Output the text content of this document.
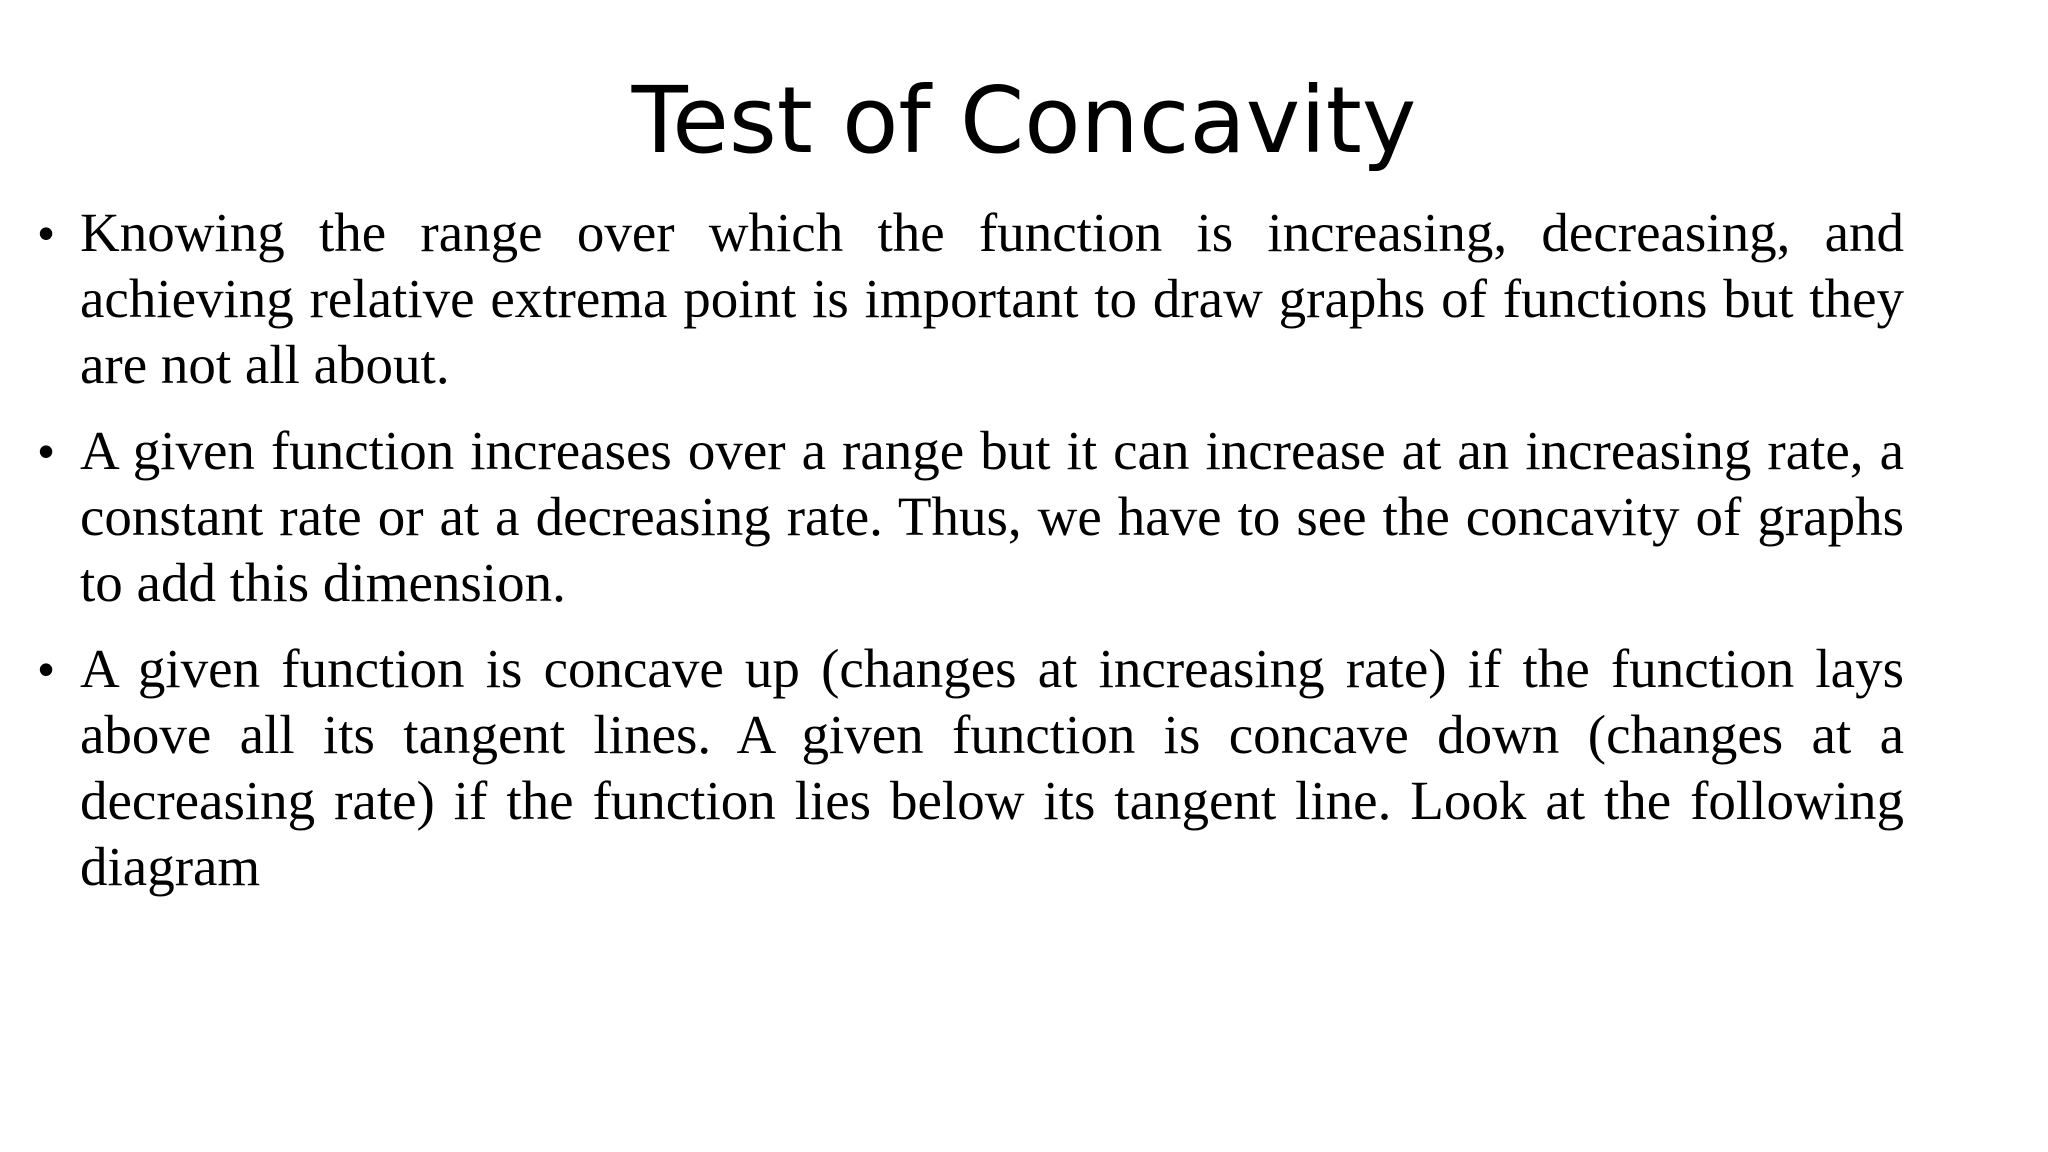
Test of Concavity
• Knowing the range over which the function is increasing, decreasing, and achieving relative extrema point is important to draw graphs of functions but they are not all about.
• A given function increases over a range but it can increase at an increasing rate, a constant rate or at a decreasing rate. Thus, we have to see the concavity of graphs to add this dimension.
• A given function is concave up (changes at increasing rate) if the function lays above all its tangent lines. A given function is concave down (changes at a decreasing rate) if the function lies below its tangent line. Look at the following diagram
